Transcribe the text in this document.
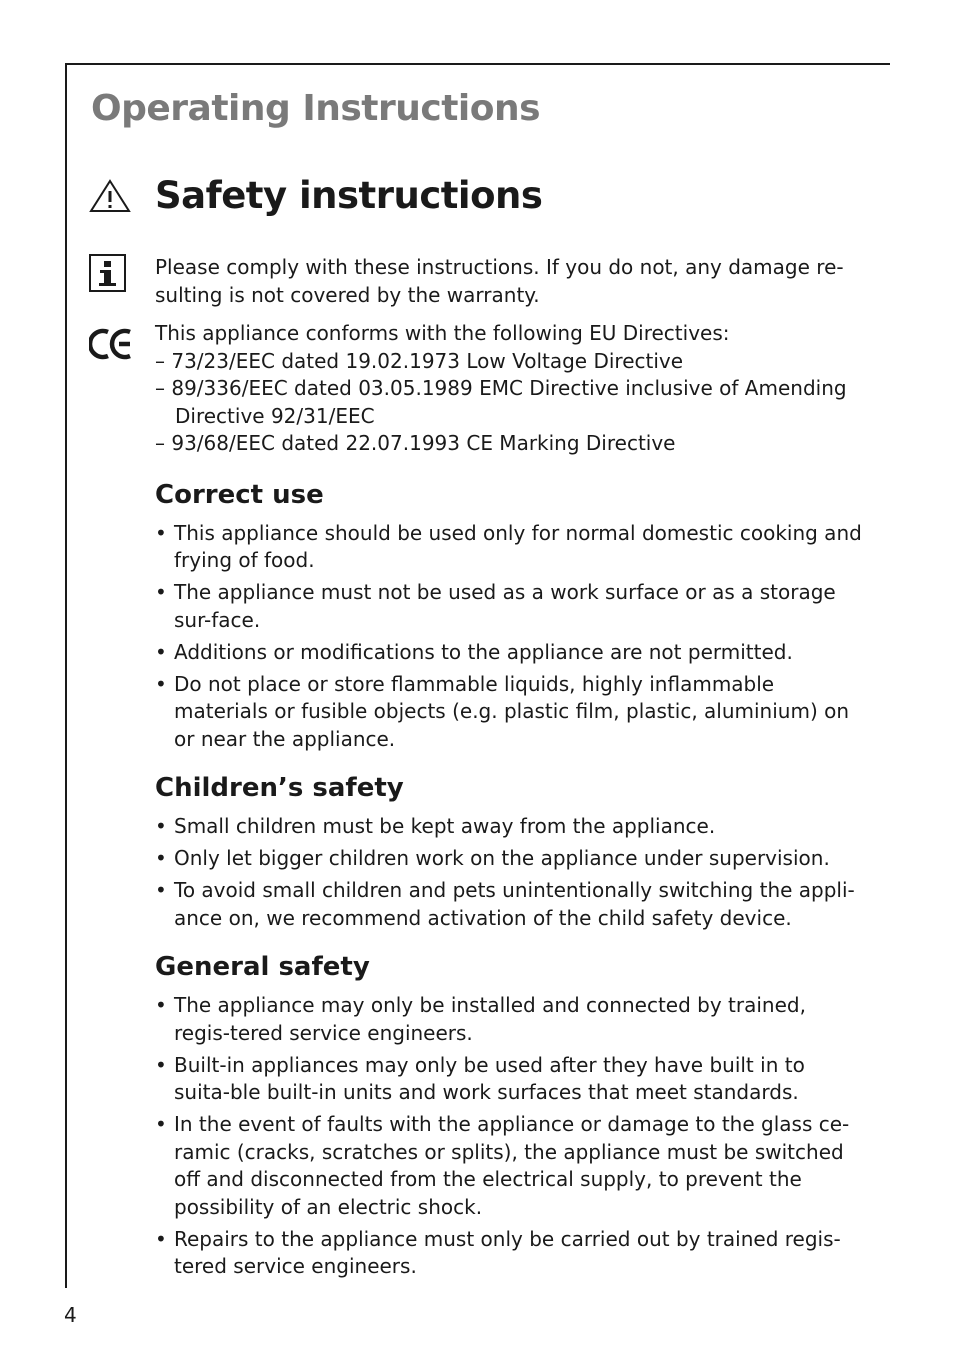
Operating Instructions
Safety instructions

Please comply with these instructions. If you do not, any damage re-sulting is not covered by the warranty.

This appliance conforms with the following EU Directives:

– 73/23/EEC dated 19.02.1973 Low Voltage Directive

– 89/336/EEC dated 03.05.1989 EMC Directive inclusive of Amending Directive 92/31/EEC

– 93/68/EEC dated 22.07.1993 CE Marking Directive

Correct use
• This appliance should be used only for normal domestic cooking and frying of food.
• The appliance must not be used as a work surface or as a storage sur-face.
• Additions or modifications to the appliance are not permitted.
• Do not place or store flammable liquids, highly inflammable materials or fusible objects (e.g. plastic film, plastic, aluminium) on or near the appliance.
Children’s safety
• Small children must be kept away from the appliance.
• Only let bigger children work on the appliance under supervision.
• To avoid small children and pets unintentionally switching the appli-ance on, we recommend activation of the child safety device.
General safety
• The appliance may only be installed and connected by trained, regis-tered service engineers.
• Built-in appliances may only be used after they have built in to suita-ble built-in units and work surfaces that meet standards.
• In the event of faults with the appliance or damage to the glass ce-ramic (cracks, scratches or splits), the appliance must be switched off and disconnected from the electrical supply, to prevent the possibility of an electric shock.
• Repairs to the appliance must only be carried out by trained regis-tered service engineers.

4
